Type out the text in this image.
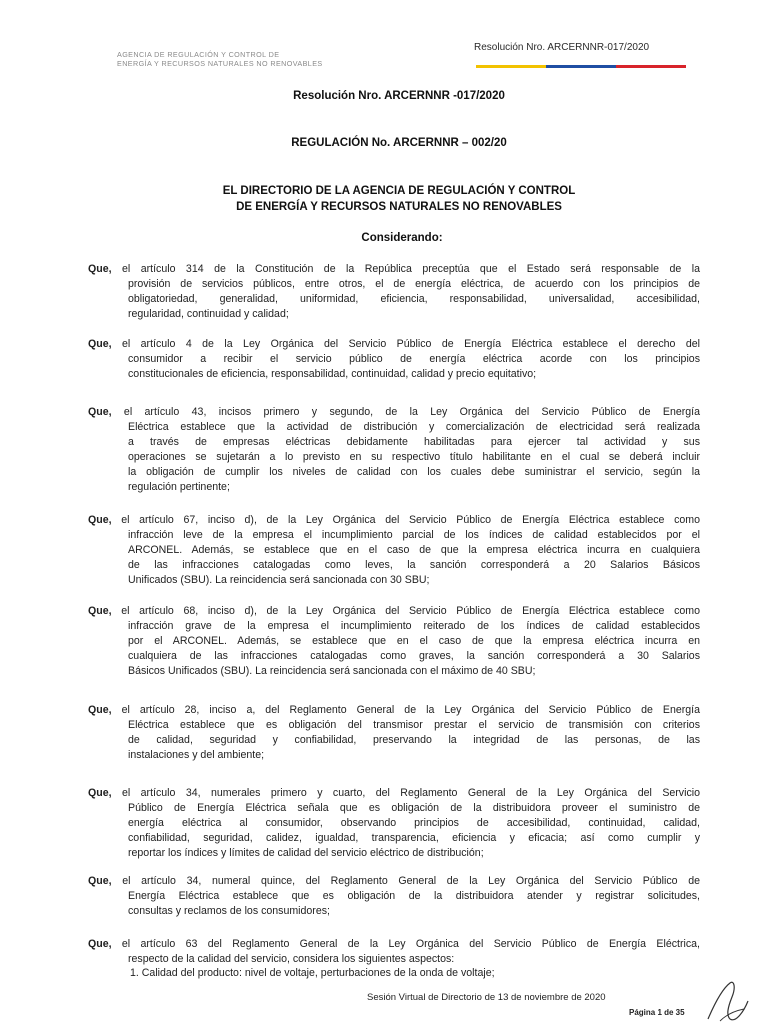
AGENCIA DE REGULACIÓN Y CONTROL DE
ENERGÍA Y RECURSOS NATURALES NO RENOVABLES
Resolución Nro. ARCERNNR-017/2020
Resolución Nro. ARCERNNR -017/2020
REGULACIÓN No. ARCERNNR – 002/20
EL DIRECTORIO DE LA AGENCIA DE REGULACIÓN Y CONTROL
DE ENERGÍA Y RECURSOS NATURALES NO RENOVABLES
Considerando:
Que, el artículo 314 de la Constitución de la República preceptúa que el Estado será responsable de la
provisión de servicios públicos, entre otros, el de energía eléctrica, de acuerdo con los principios de
obligatoriedad, generalidad, uniformidad, eficiencia, responsabilidad, universalidad, accesibilidad,
regularidad, continuidad y calidad;
Que, el artículo 4 de la Ley Orgánica del Servicio Público de Energía Eléctrica establece el derecho del
consumidor a recibir el servicio público de energía eléctrica acorde con los principios
constitucionales de eficiencia, responsabilidad, continuidad, calidad y precio equitativo;
Que, el artículo 43, incisos primero y segundo, de la Ley Orgánica del Servicio Público de Energía
Eléctrica establece que la actividad de distribución y comercialización de electricidad será realizada
a través de empresas eléctricas debidamente habilitadas para ejercer tal actividad y sus
operaciones se sujetarán a lo previsto en su respectivo título habilitante en el cual se deberá incluir
la obligación de cumplir los niveles de calidad con los cuales debe suministrar el servicio, según la
regulación pertinente;
Que, el artículo 67, inciso d), de la Ley Orgánica del Servicio Público de Energía Eléctrica establece como
infracción leve de la empresa el incumplimiento parcial de los índices de calidad establecidos por el
ARCONEL. Además, se establece que en el caso de que la empresa eléctrica incurra en cualquiera
de las infracciones catalogadas como leves, la sanción corresponderá a 20 Salarios Básicos
Unificados (SBU). La reincidencia será sancionada con 30 SBU;
Que, el artículo 68, inciso d), de la Ley Orgánica del Servicio Público de Energía Eléctrica establece como
infracción grave de la empresa el incumplimiento reiterado de los índices de calidad establecidos
por el ARCONEL. Además, se establece que en el caso de que la empresa eléctrica incurra en
cualquiera de las infracciones catalogadas como graves, la sanción corresponderá a 30 Salarios
Básicos Unificados (SBU). La reincidencia será sancionada con el máximo de 40 SBU;
Que, el artículo 28, inciso a, del Reglamento General de la Ley Orgánica del Servicio Público de Energía
Eléctrica establece que es obligación del transmisor prestar el servicio de transmisión con criterios
de calidad, seguridad y confiabilidad, preservando la integridad de las personas, de las
instalaciones y del ambiente;
Que, el artículo 34, numerales primero y cuarto, del Reglamento General de la Ley Orgánica del Servicio
Público de Energía Eléctrica señala que es obligación de la distribuidora proveer el suministro de
energía eléctrica al consumidor, observando principios de accesibilidad, continuidad, calidad,
confiabilidad, seguridad, calidez, igualdad, transparencia, eficiencia y eficacia; así como cumplir y
reportar los índices y límites de calidad del servicio eléctrico de distribución;
Que, el artículo 34, numeral quince, del Reglamento General de la Ley Orgánica del Servicio Público de
Energía Eléctrica establece que es obligación de la distribuidora atender y registrar solicitudes,
consultas y reclamos de los consumidores;
Que, el artículo 63 del Reglamento General de la Ley Orgánica del Servicio Público de Energía Eléctrica,
respecto de la calidad del servicio, considera los siguientes aspectos:
1. Calidad del producto: nivel de voltaje, perturbaciones de la onda de voltaje;
Sesión Virtual de Directorio de 13 de noviembre de 2020
Página 1 de 35
